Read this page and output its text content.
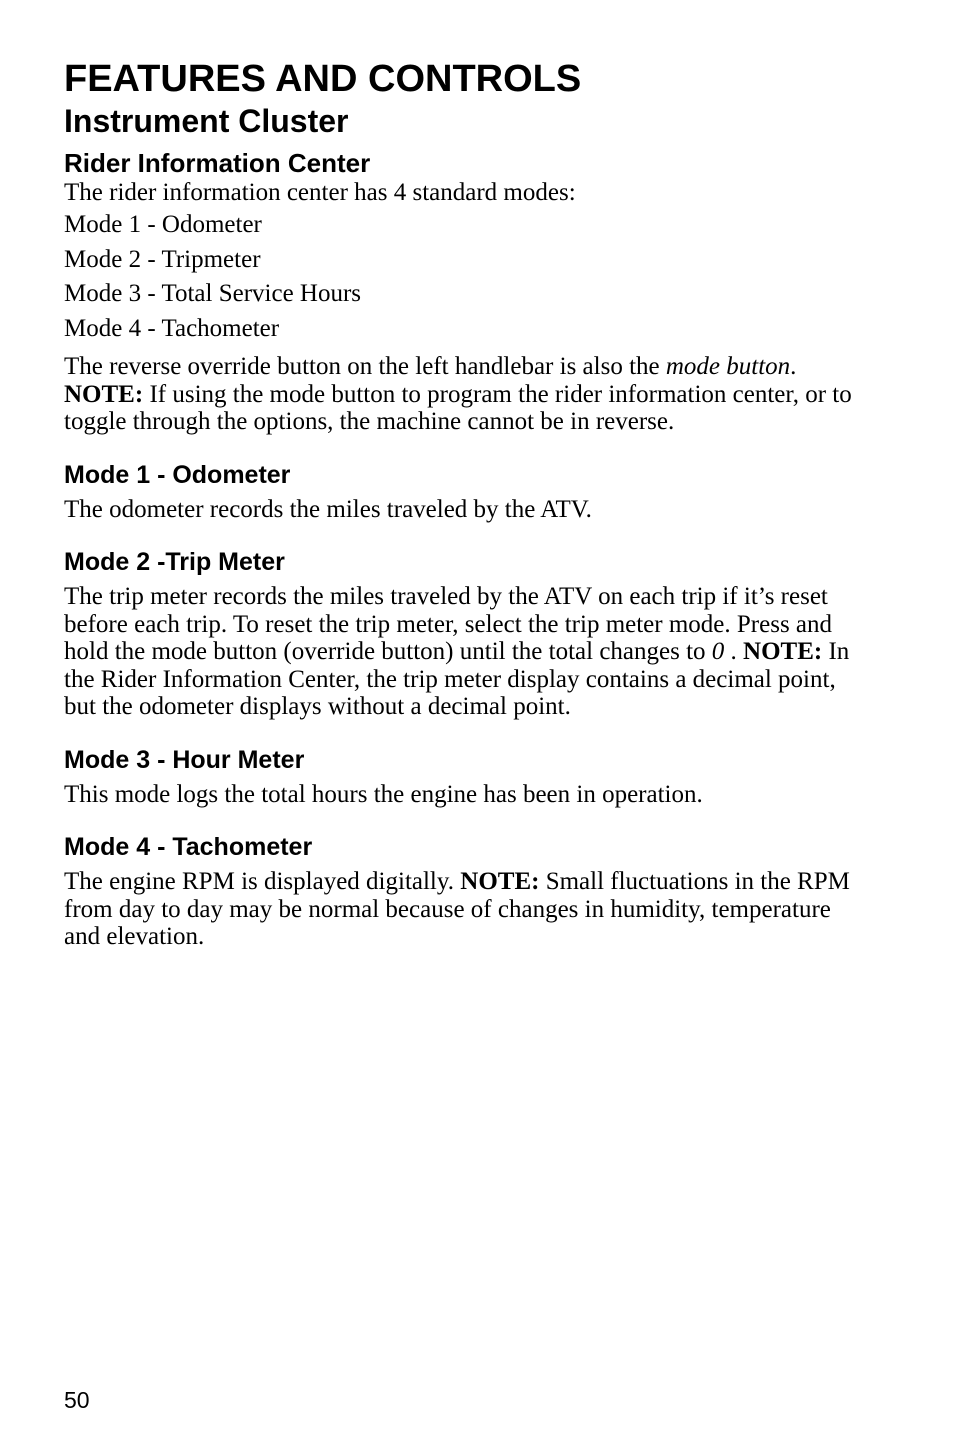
FEATURES AND CONTROLS
Instrument Cluster
Rider Information Center

The rider information center has 4 standard modes:

Mode 1 - Odometer

Mode 2 - Tripmeter

Mode 3 - Total Service Hours

Mode 4 - Tachometer

The reverse override button on the left handlebar is also the mode button. NOTE: If using the mode button to program the rider information center, or to toggle through the options, the machine cannot be in reverse.

Mode 1 - Odometer

The odometer records the miles traveled by the ATV.

Mode 2 -Trip Meter

The trip meter records the miles traveled by the ATV on each trip if it’s reset before each trip. To reset the trip meter, select the trip meter mode. Press and hold the mode button (override button) until the total changes to 0 . NOTE: In the Rider Information Center, the trip meter display contains a decimal point, but the odometer displays without a decimal point.

Mode 3 - Hour Meter

This mode logs the total hours the engine has been in operation.

Mode 4 - Tachometer

The engine RPM is displayed digitally. NOTE: Small fluctuations in the RPM from day to day may be normal because of changes in humidity, temperature and elevation.

50
